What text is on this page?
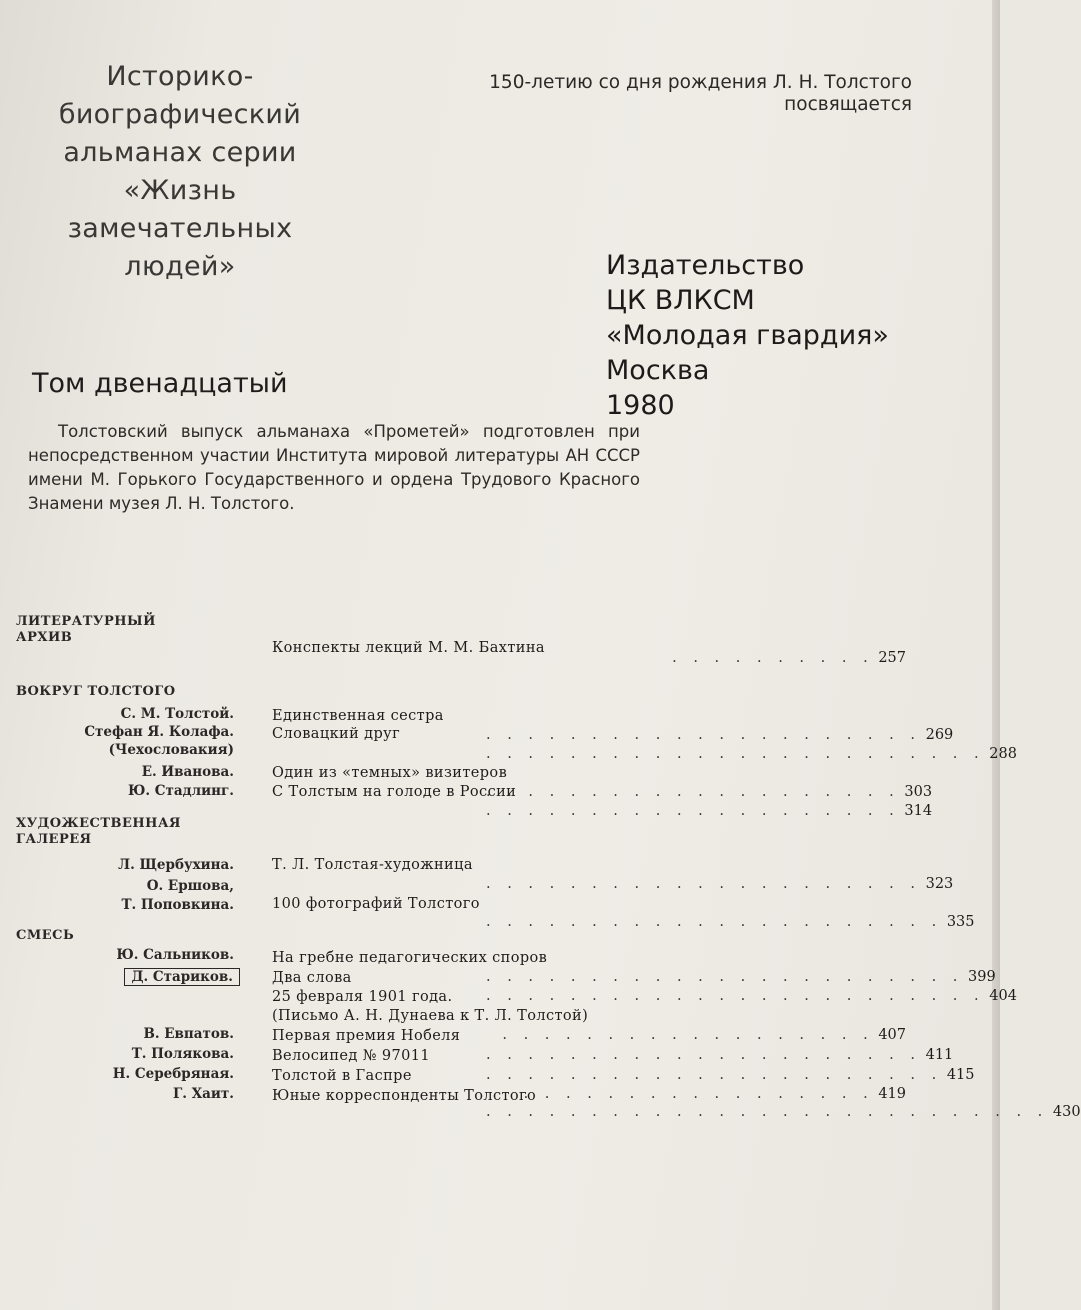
Историко-
биографический
альманах серии
«Жизнь
замечательных
людей»
150-летию со дня рождения Л. Н. Толстого
посвящается
Издательство
ЦК ВЛКСМ
«Молодая гвардия»
Москва
1980
Том двенадцатый
Толстовский выпуск альманаха «Прометей» подготовлен при непосредственном участии Института мировой литературы АН СССР имени М. Горького Государственного и ордена Трудового Красного Знамени музея Л. Н. Толстого.
ЛИТЕРАТУРНЫЙ
АРХИВ
ВОКРУГ ТОЛСТОГО
ХУДОЖЕСТВЕННАЯ
ГАЛЕРЕЯ
СМЕСЬ
С. М. Толстой.
Стефан Я. Колафа.
(Чехословакия)
Е. Иванова.
Ю. Стадлинг.
Л. Щербухина.
О. Ершова,
Т. Поповкина.
Ю. Сальников.
Д. Стариков.
В. Евпатов.
Т. Полякова.
Н. Серебряная.
Г. Хаит.
Конспекты лекций М. М. Бахтина
Единственная сестра
Словацкий друг
Один из «темных» визитеров
С Толстым на голоде в России
Т. Л. Толстая-художница
100 фотографий Толстого
На гребне педагогических споров
Два слова
25 февраля 1901 года.
(Письмо А. Н. Дунаева к Т. Л. Толстой)
Первая премия Нобеля
Велосипед № 97011
Толстой в Гаспре
Юные корреспонденты Толстого
. . . . . . . . . . 257
. . . . . . . . . . . . . . . . . . . . . 269
. . . . . . . . . . . . . . . . . . . . . . . . 288
. . . . . . . . . . . . . . . . . . . . 303
. . . . . . . . . . . . . . . . . . . . 314
. . . . . . . . . . . . . . . . . . . . . 323
. . . . . . . . . . . . . . . . . . . . . . 335
. . . . . . . . . . . . . . . . . . . . . . . 399
. . . . . . . . . . . . . . . . . . . . . . . . 404
. . . . . . . . . . . . . . . . . . 407
. . . . . . . . . . . . . . . . . . . . . 411
. . . . . . . . . . . . . . . . . . . . . . 415
. . . . . . . . . . . . . . . . . 419
. . . . . . . . . . . . . . . . . . . . . . . . . . . 430
